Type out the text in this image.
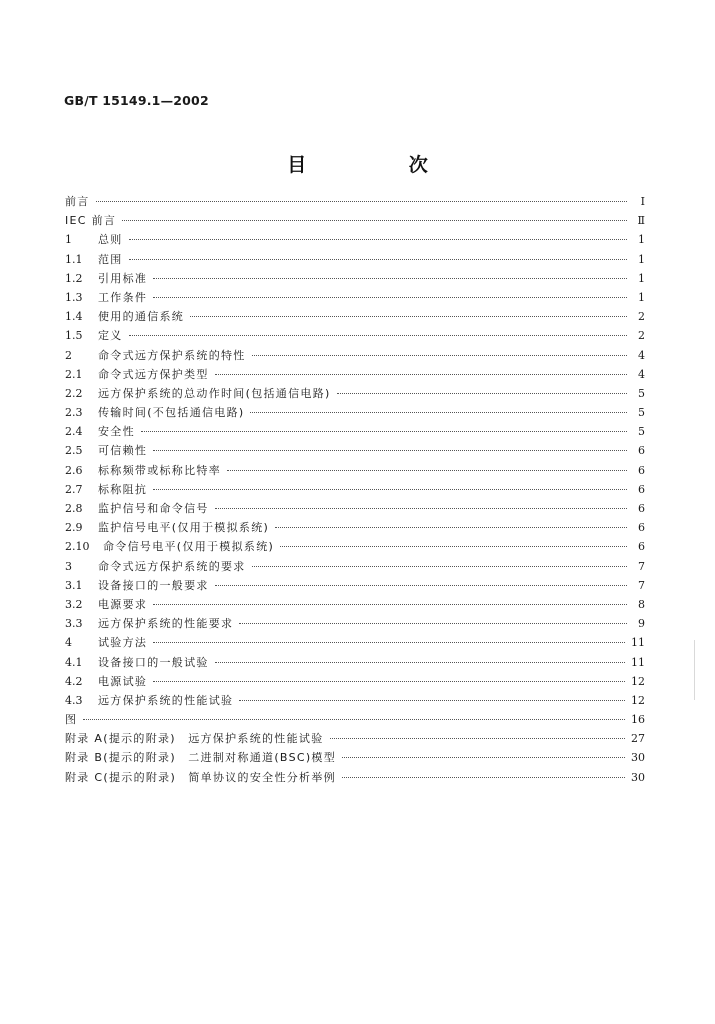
GB/T 15149.1—2002
目 次
前言	Ⅰ
IEC 前言	Ⅱ
1	总则	1
1.1	范围	1
1.2	引用标准	1
1.3	工作条件	1
1.4	使用的通信系统	2
1.5	定义	2
2	命令式远方保护系统的特性	4
2.1	命令式远方保护类型	4
2.2	远方保护系统的总动作时间(包括通信电路)	5
2.3	传输时间(不包括通信电路)	5
2.4	安全性	5
2.5	可信赖性	6
2.6	标称频带或标称比特率	6
2.7	标称阻抗	6
2.8	监护信号和命令信号	6
2.9	监护信号电平(仅用于模拟系统)	6
2.10	命令信号电平(仅用于模拟系统)	6
3	命令式远方保护系统的要求	7
3.1	设备接口的一般要求	7
3.2	电源要求	8
3.3	远方保护系统的性能要求	9
4	试验方法	11
4.1	设备接口的一般试验	11
4.2	电源试验	12
4.3	远方保护系统的性能试验	12
图	16
附录 A(提示的附录)　远方保护系统的性能试验	27
附录 B(提示的附录)　二进制对称通道(BSC)模型	30
附录 C(提示的附录)　简单协议的安全性分析举例	30
